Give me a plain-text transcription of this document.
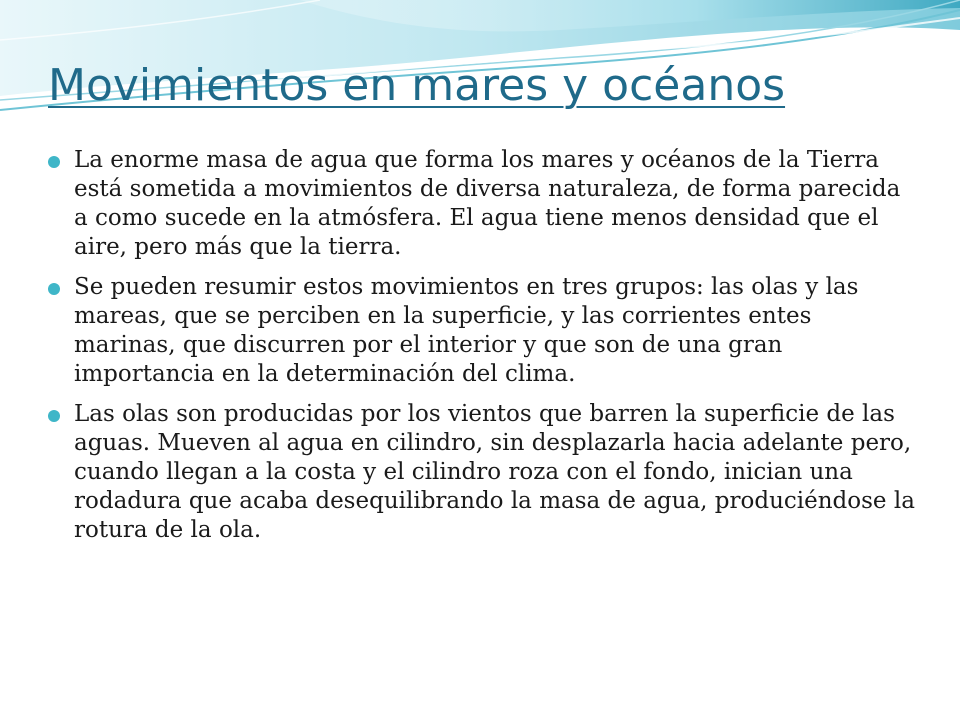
Movimientos en mares y océanos
La enorme masa de agua que forma los mares y océanos de la Tierra está sometida a movimientos de diversa naturaleza, de forma parecida a como sucede en la atmósfera. El agua tiene menos densidad que el aire, pero más que la tierra.
Se pueden resumir estos movimientos en tres grupos: las olas y las mareas, que se perciben en la superficie, y las corrientes entes marinas, que discurren por el interior y que son de una gran importancia en la determinación del clima.
Las olas son producidas por los vientos que barren la superficie de las aguas. Mueven al agua en cilindro, sin desplazarla hacia adelante pero, cuando llegan a la costa y el cilindro roza con el fondo, inician una rodadura que acaba desequilibrando la masa de agua, produciéndose la rotura de la ola.
